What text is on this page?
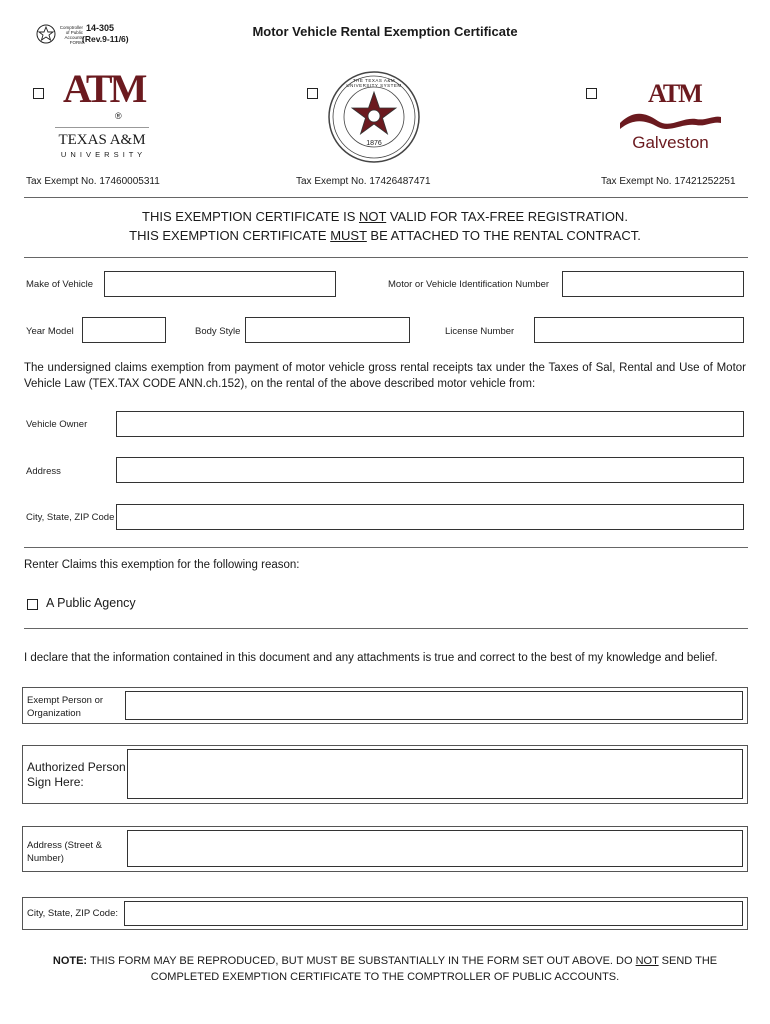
Comptroller
of Public
Accounts
FORM
14-305
(Rev.9-11/6)	Motor Vehicle Rental Exemption Certificate
ATM
®
TEXAS A&M
U N I V E R S I T Y
THE TEXAS A&M UNIVERSITY SYSTEM
1876
ATM
Galveston
Tax Exempt No. 17460005311	Tax Exempt No. 17426487471	Tax Exempt No. 17421252251
THIS EXEMPTION CERTIFICATE IS NOT VALID FOR TAX-FREE REGISTRATION.
THIS EXEMPTION CERTIFICATE MUST BE ATTACHED TO THE RENTAL CONTRACT.
Make of Vehicle	Motor or Vehicle Identification Number
Year Model	Body Style	License Number
The undersigned claims exemption from payment of motor vehicle gross rental receipts tax under the Taxes of Sal, Rental and Use of Motor Vehicle Law (TEX.TAX CODE ANN.ch.152), on the rental of the above described motor vehicle from:
Vehicle Owner
Address
City, State, ZIP Code
Renter Claims this exemption for the following reason:
A Public Agency
I declare that the information contained in this document and any attachments is true and correct to the best of my knowledge and belief.
Exempt Person or Organization
Authorized Person Sign Here:
Address (Street & Number)
City, State, ZIP Code:
NOTE: THIS FORM MAY BE REPRODUCED, BUT MUST BE SUBSTANTIALLY IN THE FORM SET OUT ABOVE. DO NOT SEND THE
COMPLETED EXEMPTION CERTIFICATE TO THE COMPTROLLER OF PUBLIC ACCOUNTS.
